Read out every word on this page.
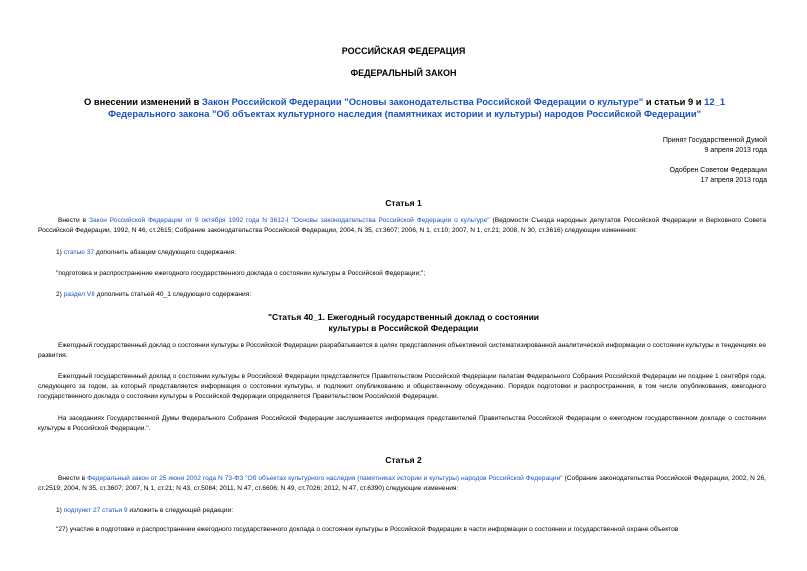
РОССИЙСКАЯ ФЕДЕРАЦИЯ
ФЕДЕРАЛЬНЫЙ ЗАКОН
О внесении изменений в Закон Российской Федерации "Основы законодательства Российской Федерации о культуре" и статьи 9 и 12_1 Федерального закона "Об объектах культурного наследия (памятниках истории и культуры) народов Российской Федерации"
Принят Государственной Думой
9 апреля 2013 года
Одобрен Советом Федерации
17 апреля 2013 года
Статья 1

Внести в Закон Российской Федерации от 9 октября 1992 года N 3612-I "Основы законодательства Российской Федерации о культуре" (Ведомости Съезда народных депутатов Российской Федерации и Верховного Совета Российской Федерации, 1992, N 46, ст.2615; Собрание законодательства Российской Федерации, 2004, N 35, ст.3607; 2006, N 1, ст.10; 2007, N 1, ст.21; 2008, N 30, ст.3616) следующие изменения:

1) статью 37 дополнить абзацем следующего содержания:

"подготовка и распространение ежегодного государственного доклада о состоянии культуры в Российской Федерации;";

2) раздел VII дополнить статьей 40_1 следующего содержания:

"Статья 40_1. Ежегодный государственный доклад о состоянии
культуры в Российской Федерации

Ежегодный государственный доклад о состоянии культуры в Российской Федерации разрабатывается в целях представления объективной систематизированной аналитической информации о состоянии культуры и тенденциях ее развития.

Ежегодный государственный доклад о состоянии культуры в Российской Федерации представляется Правительством Российской Федерации палатам Федерального Собрания Российской Федерации не позднее 1 сентября года, следующего за годом, за который представляется информация о состоянии культуры, и подлежит опубликованию и общественному обсуждению. Порядок подготовки и распространения, в том числе опубликования, ежегодного государственного доклада о состоянии культуры в Российской Федерации определяется Правительством Российской Федерации.

На заседаниях Государственной Думы Федерального Собрания Российской Федерации заслушивается информация представителей Правительства Российской Федерации о ежегодном государственном докладе о состоянии культуры в Российской Федерации.".

Статья 2

Внести в Федеральный закон от 25 июня 2002 года N 73-ФЗ "Об объектах культурного наследия (памятниках истории и культуры) народов Российской Федерации" (Собрание законодательства Российской Федерации, 2002, N 26, ст.2519; 2004, N 35, ст.3607; 2007, N 1, ст.21; N 43, ст.5084; 2011, N 47, ст.6606; N 49, ст.7026; 2012, N 47, ст.6390) следующие изменения:

1) подпункт 27 статьи 9 изложить в следующей редакции:

"27) участие в подготовке и распространении ежегодного государственного доклада о состоянии культуры в Российской Федерации в части информации о состоянии и государственной охране объектов
